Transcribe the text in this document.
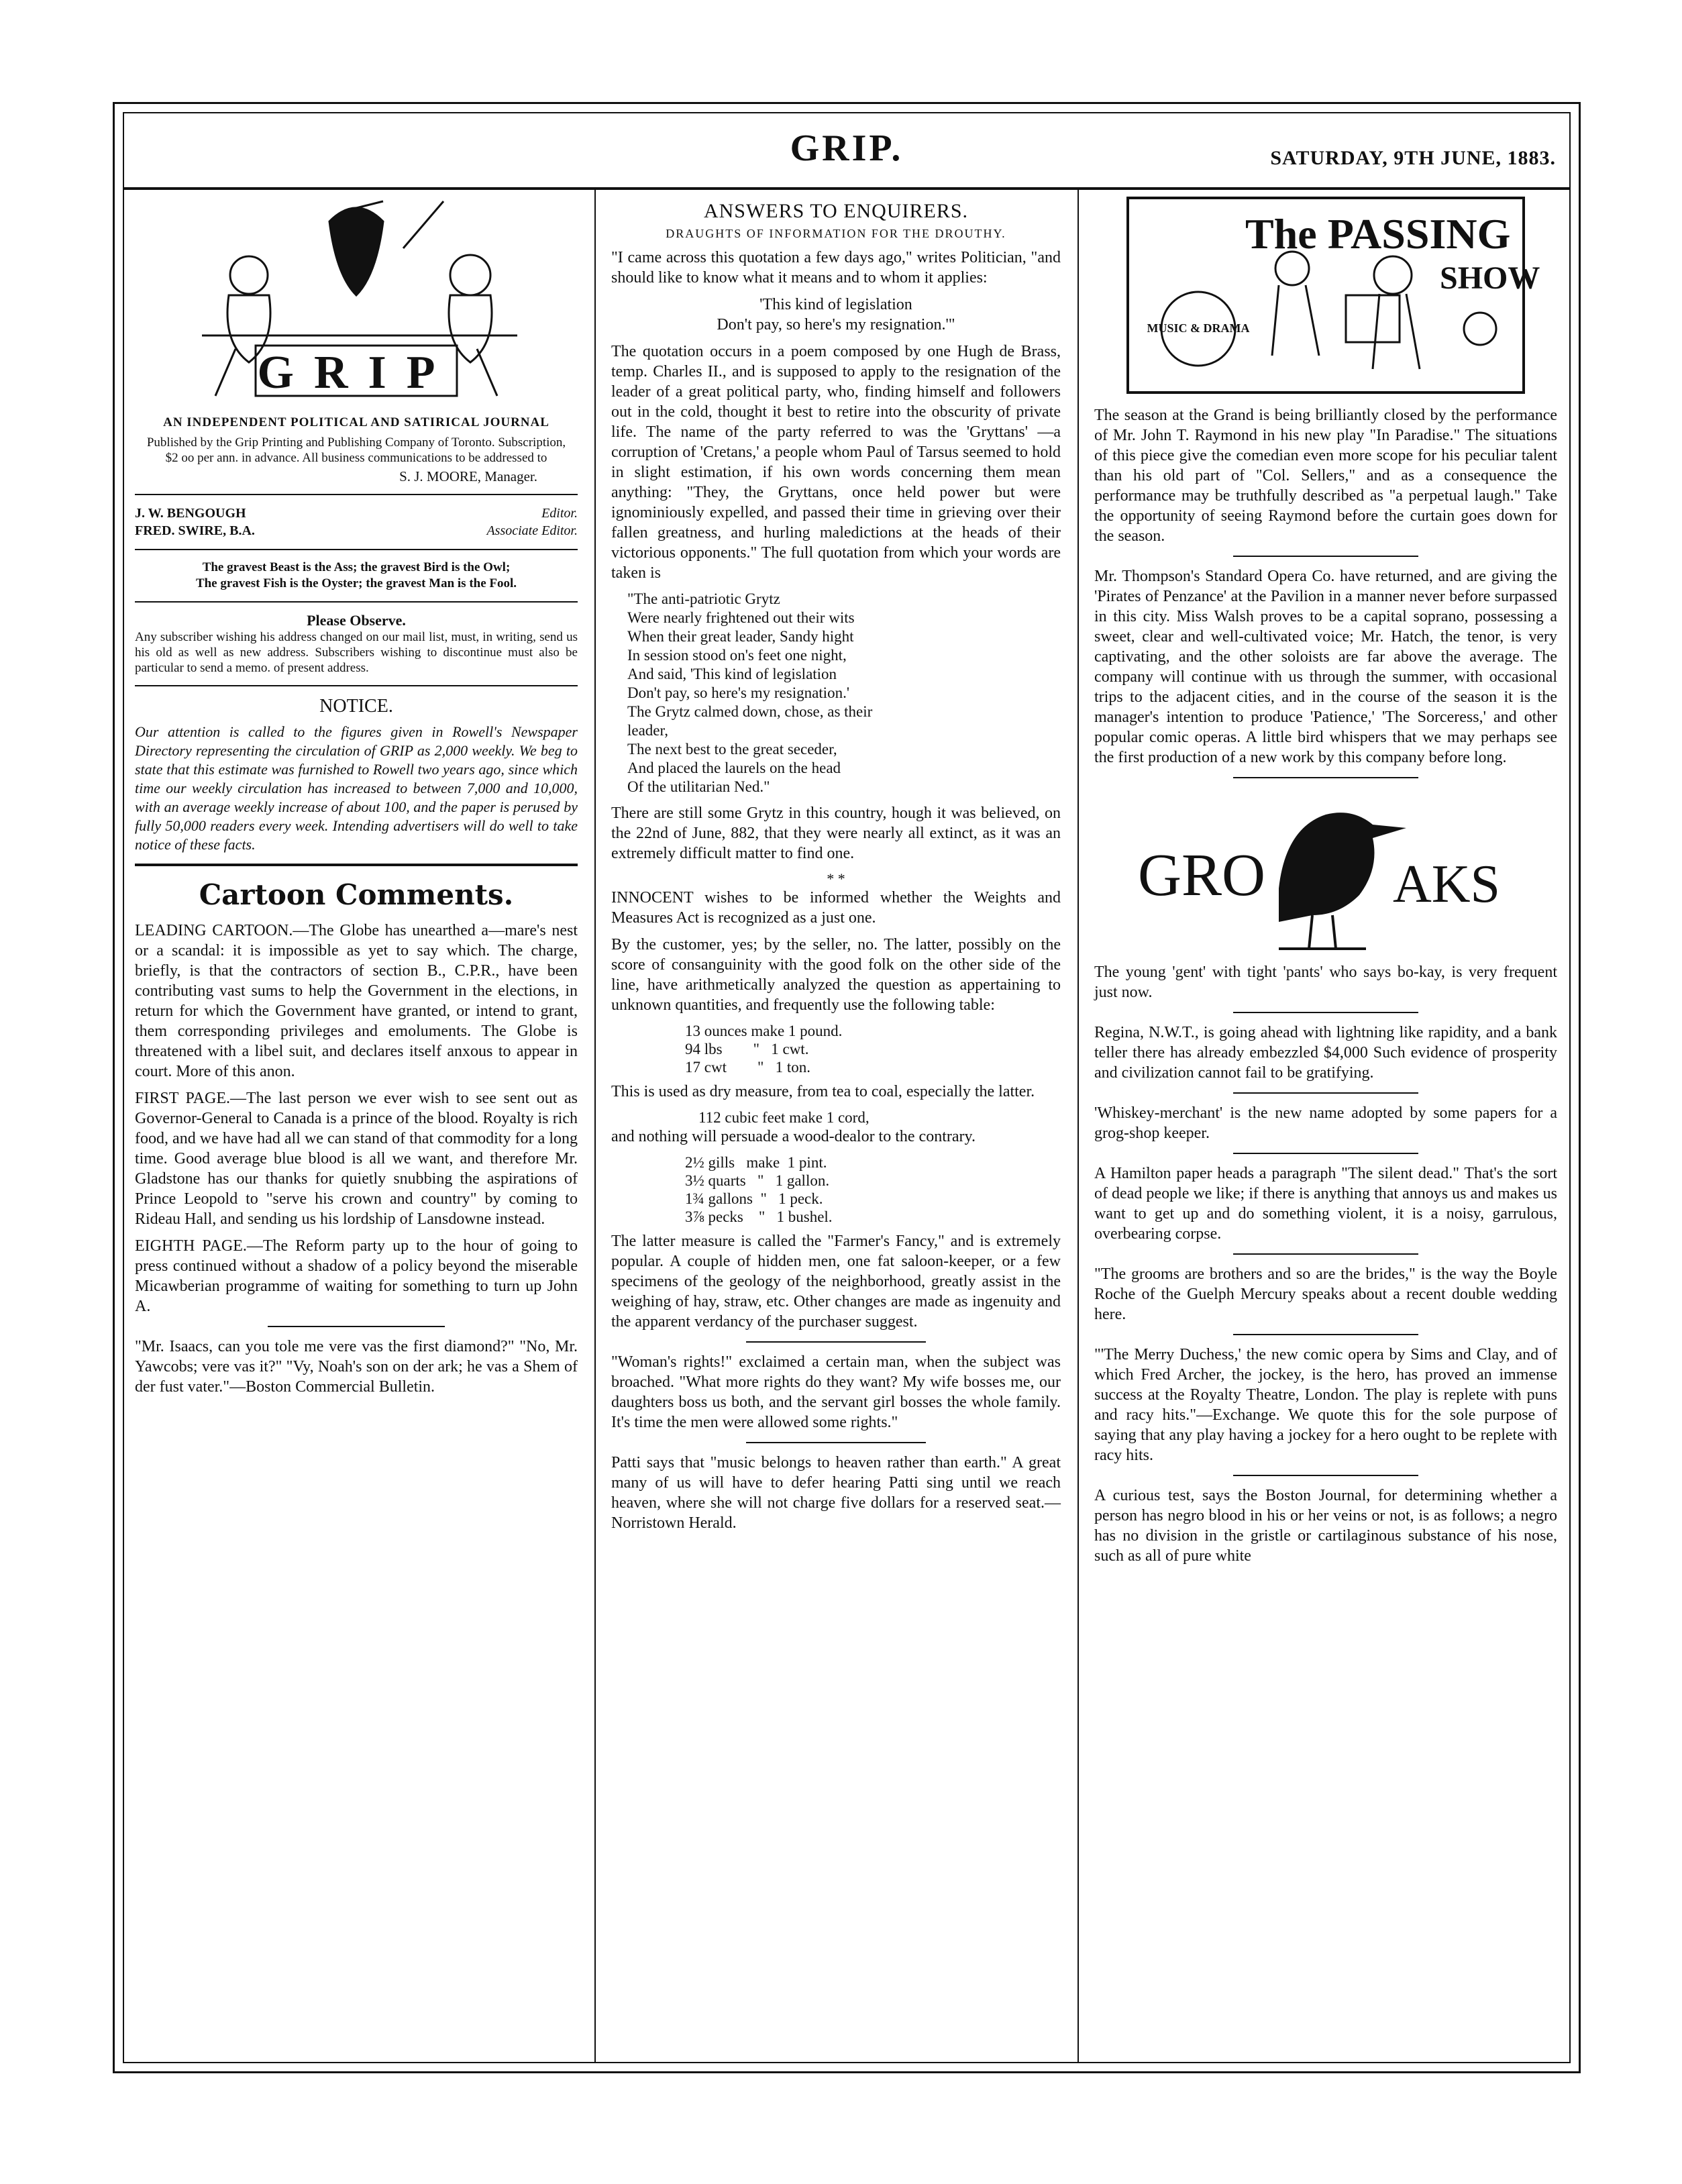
GRIP.	SATURDAY, 9TH JUNE, 1883.
GRIP
AN INDEPENDENT POLITICAL AND SATIRICAL JOURNAL

Published by the Grip Printing and Publishing Company of Toronto. Subscription, $2 oo per ann. in advance. All business communications to be addressed to

S. J. MOORE, Manager.

J. W. BENGOUGH	Editor.
FRED. SWIRE, B.A.	Associate Editor.
The gravest Beast is the Ass; the gravest Bird is the Owl;
The gravest Fish is the Oyster; the gravest Man is the Fool.
Please Observe.

Any subscriber wishing his address changed on our mail list, must, in writing, send us his old as well as new address. Subscribers wishing to discontinue must also be particular to send a memo. of present address.

NOTICE.

Our attention is called to the figures given in Rowell's Newspaper Directory representing the circulation of GRIP as 2,000 weekly. We beg to state that this estimate was furnished to Rowell two years ago, since which time our weekly circulation has increased to between 7,000 and 10,000, with an average weekly increase of about 100, and the paper is perused by fully 50,000 readers every week. Intending advertisers will do well to take notice of these facts.

Cartoon Comments.

LEADING CARTOON.—The Globe has unearthed a—mare's nest or a scandal: it is impossible as yet to say which. The charge, briefly, is that the contractors of section B., C.P.R., have been contributing vast sums to help the Government in the elections, in return for which the Government have granted, or intend to grant, them corresponding privileges and emoluments. The Globe is threatened with a libel suit, and declares itself anxous to appear in court. More of this anon.

FIRST PAGE.—The last person we ever wish to see sent out as Governor-General to Canada is a prince of the blood. Royalty is rich food, and we have had all we can stand of that commodity for a long time. Good average blue blood is all we want, and therefore Mr. Gladstone has our thanks for quietly snubbing the aspirations of Prince Leopold to "serve his crown and country" by coming to Rideau Hall, and sending us his lordship of Lansdowne instead.

EIGHTH PAGE.—The Reform party up to the hour of going to press continued without a shadow of a policy beyond the miserable Micawberian programme of waiting for something to turn up John A.

"Mr. Isaacs, can you tole me vere vas the first diamond?" "No, Mr. Yawcobs; vere vas it?" "Vy, Noah's son on der ark; he vas a Shem of der fust vater."—Boston Commercial Bulletin.

ANSWERS TO ENQUIRERS.
DRAUGHTS OF INFORMATION FOR THE DROUTHY.

"I came across this quotation a few days ago," writes Politician, "and should like to know what it means and to whom it applies:

'This kind of legislation
Don't pay, so here's my resignation.'"

The quotation occurs in a poem composed by one Hugh de Brass, temp. Charles II., and is supposed to apply to the resignation of the leader of a great political party, who, finding himself and followers out in the cold, thought it best to retire into the obscurity of private life. The name of the party referred to was the 'Gryttans' —a corruption of 'Cretans,' a people whom Paul of Tarsus seemed to hold in slight estimation, if his own words concerning them mean anything: "They, the Gryttans, once held power but were ignominiously expelled, and passed their time in grieving over their fallen greatness, and hurling maledictions at the heads of their victorious opponents." The full quotation from which your words are taken is

"The anti-patriotic Grytz

Were nearly frightened out their wits

When their great leader, Sandy hight

In session stood on's feet one night,

And said, 'This kind of legislation

Don't pay, so here's my resignation.'

The Grytz calmed down, chose, as their

leader,

The next best to the great seceder,

And placed the laurels on the head

Of the utilitarian Ned."

There are still some Grytz in this country, hough it was believed, on the 22nd of June, 882, that they were nearly all extinct, as it was an extremely difficult matter to find one.

* *

INNOCENT wishes to be informed whether the Weights and Measures Act is recognized as a just one.

By the customer, yes; by the seller, no. The latter, possibly on the score of consanguinity with the good folk on the other side of the line, have arithmetically analyzed the question as appertaining to unknown quantities, and frequently use the following table:

13 ounces make 1 pound.
94 lbs        "   1 cwt.
17 cwt        "   1 ton.

This is used as dry measure, from tea to coal, especially the latter.

112 cubic feet make 1 cord,

and nothing will persuade a wood-dealor to the contrary.

2½ gills   make  1 pint.
3½ quarts   "   1 gallon.
1¾ gallons  "   1 peck.
3⅞ pecks    "   1 bushel.

The latter measure is called the "Farmer's Fancy," and is extremely popular. A couple of hidden men, one fat saloon-keeper, or a few specimens of the geology of the neighborhood, greatly assist in the weighing of hay, straw, etc. Other changes are made as ingenuity and the apparent verdancy of the purchaser suggest.

"Woman's rights!" exclaimed a certain man, when the subject was broached. "What more rights do they want? My wife bosses me, our daughters boss us both, and the servant girl bosses the whole family. It's time the men were allowed some rights."

Patti says that "music belongs to heaven rather than earth." A great many of us will have to defer hearing Patti sing until we reach heaven, where she will not charge five dollars for a reserved seat.—Norristown Herald.

The PASSING
SHOW
MUSIC & DRAMA

The season at the Grand is being brilliantly closed by the performance of Mr. John T. Raymond in his new play "In Paradise." The situations of this piece give the comedian even more scope for his peculiar talent than his old part of "Col. Sellers," and as a consequence the performance may be truthfully described as "a perpetual laugh." Take the opportunity of seeing Raymond before the curtain goes down for the season.

Mr. Thompson's Standard Opera Co. have returned, and are giving the 'Pirates of Penzance' at the Pavilion in a manner never before surpassed in this city. Miss Walsh proves to be a capital soprano, possessing a sweet, clear and well-cultivated voice; Mr. Hatch, the tenor, is very captivating, and the other soloists are far above the average. The company will continue with us through the summer, with occasional trips to the adjacent cities, and in the course of the season it is the manager's intention to produce 'Patience,' 'The Sorceress,' and other popular comic operas. A little bird whispers that we may perhaps see the first production of a new work by this company before long.

GRO AKS

The young 'gent' with tight 'pants' who says bo-kay, is very frequent just now.

Regina, N.W.T., is going ahead with lightning like rapidity, and a bank teller there has already embezzled $4,000 Such evidence of prosperity and civilization cannot fail to be gratifying.

'Whiskey-merchant' is the new name adopted by some papers for a grog-shop keeper.

A Hamilton paper heads a paragraph "The silent dead." That's the sort of dead people we like; if there is anything that annoys us and makes us want to get up and do something violent, it is a noisy, garrulous, overbearing corpse.

"The grooms are brothers and so are the brides," is the way the Boyle Roche of the Guelph Mercury speaks about a recent double wedding here.

"'The Merry Duchess,' the new comic opera by Sims and Clay, and of which Fred Archer, the jockey, is the hero, has proved an immense success at the Royalty Theatre, London. The play is replete with puns and racy hits."—Exchange. We quote this for the sole purpose of saying that any play having a jockey for a hero ought to be replete with racy hits.

A curious test, says the Boston Journal, for determining whether a person has negro blood in his or her veins or not, is as follows; a negro has no division in the gristle or cartilaginous substance of his nose, such as all of pure white
